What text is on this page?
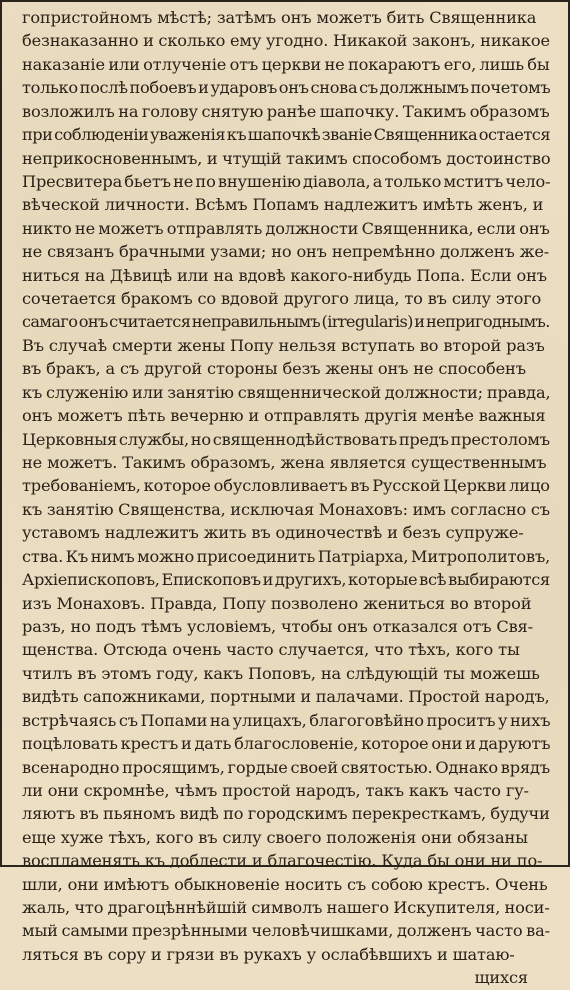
гопристойномъ мѣстѣ; затѣмъ онъ можетъ бить Священника
безнаказанно и сколько ему угодно. Никакой законъ, никакое
наказаніе или отлученіе отъ церкви не покараютъ его, лишь бы
только послѣ побоевъ и ударовъ онъ снова съ должнымъ почетомъ
возложилъ на голову снятую ранѣе шапочку. Такимъ образомъ
при соблюденіи уваженія къ шапочкѣ званіе Священника остается
неприкосновеннымъ, и чтущій такимъ способомъ достоинство
Пресвитера бьетъ не по внушенію діавола, а только мститъ чело-
вѣческой личности. Всѣмъ Попамъ надлежитъ имѣть женъ, и
никто не можетъ отправлять должности Священника, если онъ
не связанъ брачными узами; но онъ непремѣнно долженъ же-
ниться на Дѣвицѣ или на вдовѣ какого-нибудь Попа. Если онъ
сочетается бракомъ со вдовой другого лица, то въ силу этого
самаго онъ считается неправильнымъ (irregularis) и непригоднымъ.
Въ случаѣ смерти жены Попу нельзя вступать во второй разъ
въ бракъ, а съ другой стороны безъ жены онъ не способенъ
къ служенію или занятію священнической должности; правда,
онъ можетъ пѣть вечерню и отправлять другія менѣе важныя
Церковныя службы, но священнодѣйствовать предъ престоломъ
не можетъ. Такимъ образомъ, жена является существеннымъ
требованіемъ, которое обусловливаетъ въ Русской Церкви лицо
къ занятію Священства, исключая Монаховъ: имъ согласно съ
уставомъ надлежитъ жить въ одиночествѣ и безъ супруже-
ства. Къ нимъ можно присоединить Патріарха, Митрополитовъ,
Архіепископовъ, Епископовъ и другихъ, которые всѣ выбираются
изъ Монаховъ. Правда, Попу позволено жениться во второй
разъ, но подъ тѣмъ условіемъ, чтобы онъ отказался отъ Свя-
щенства. Отсюда очень часто случается, что тѣхъ, кого ты
чтилъ въ этомъ году, какъ Поповъ, на слѣдующій ты можешь
видѣть сапожниками, портными и палачами. Простой народъ,
встрѣчаясь съ Попами на улицахъ, благоговѣйно проситъ у нихъ
поцѣловать крестъ и дать благословеніе, которое они и даруютъ
всенародно просящимъ, гордые своей святостью. Однако врядъ
ли они скромнѣе, чѣмъ простой народъ, такъ какъ часто гу-
ляютъ въ пьяномъ видѣ по городскимъ перекресткамъ, будучи
еще хуже тѣхъ, кого въ силу своего положенія они обязаны
воспламенять къ доблести и благочестію. Куда бы они ни по-
шли, они имѣютъ обыкновеніе носить съ собою крестъ. Очень
жаль, что драгоцѣннѣйшій символъ нашего Искупителя, носи-
мый самыми презрѣнными человѣчишками, долженъ часто ва-
ляться въ сору и грязи въ рукахъ у ослабѣвшихъ и шатаю-
щихся
